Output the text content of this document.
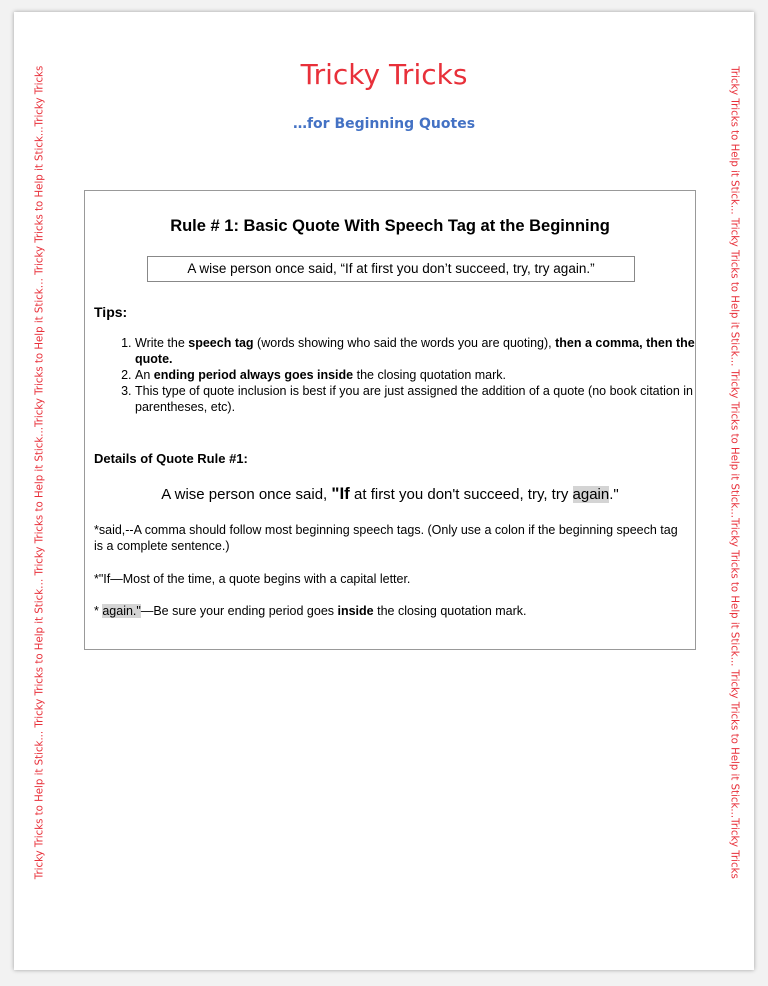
Tricky Tricks to Help it Stick... Tricky Tricks to Help it Stick… Tricky Tricks to Help it Stick...Tricky Tricks to Help it Stick… Tricky Tricks to Help it Stick...Tricky Tricks	Tricky Tricks to Help it Stick... Tricky Tricks to Help it Stick... Tricky Tricks to Help it Stick...Tricky Tricks to Help it Stick... Tricky Tricks to Help it Stick...Tricky Tricks
Tricky Tricks
…for Beginning Quotes
Rule # 1: Basic Quote With Speech Tag at the Beginning
A wise person once said, “If at first you don’t succeed, try, try again.”
Tips:
1. Write the speech tag (words showing who said the words you are quoting), then a comma, then the quote.
2. An ending period always goes inside the closing quotation mark.
3. This type of quote inclusion is best if you are just assigned the addition of a quote (no book citation in parentheses, etc).
Details of Quote Rule #1:
A wise person once said, "If at first you don't succeed, try, try again."
*said,--A comma should follow most beginning speech tags. (Only use a colon if the beginning speech tag is a complete sentence.)
*"If—Most of the time, a quote begins with a capital letter.
* again."—Be sure your ending period goes inside the closing quotation mark.
